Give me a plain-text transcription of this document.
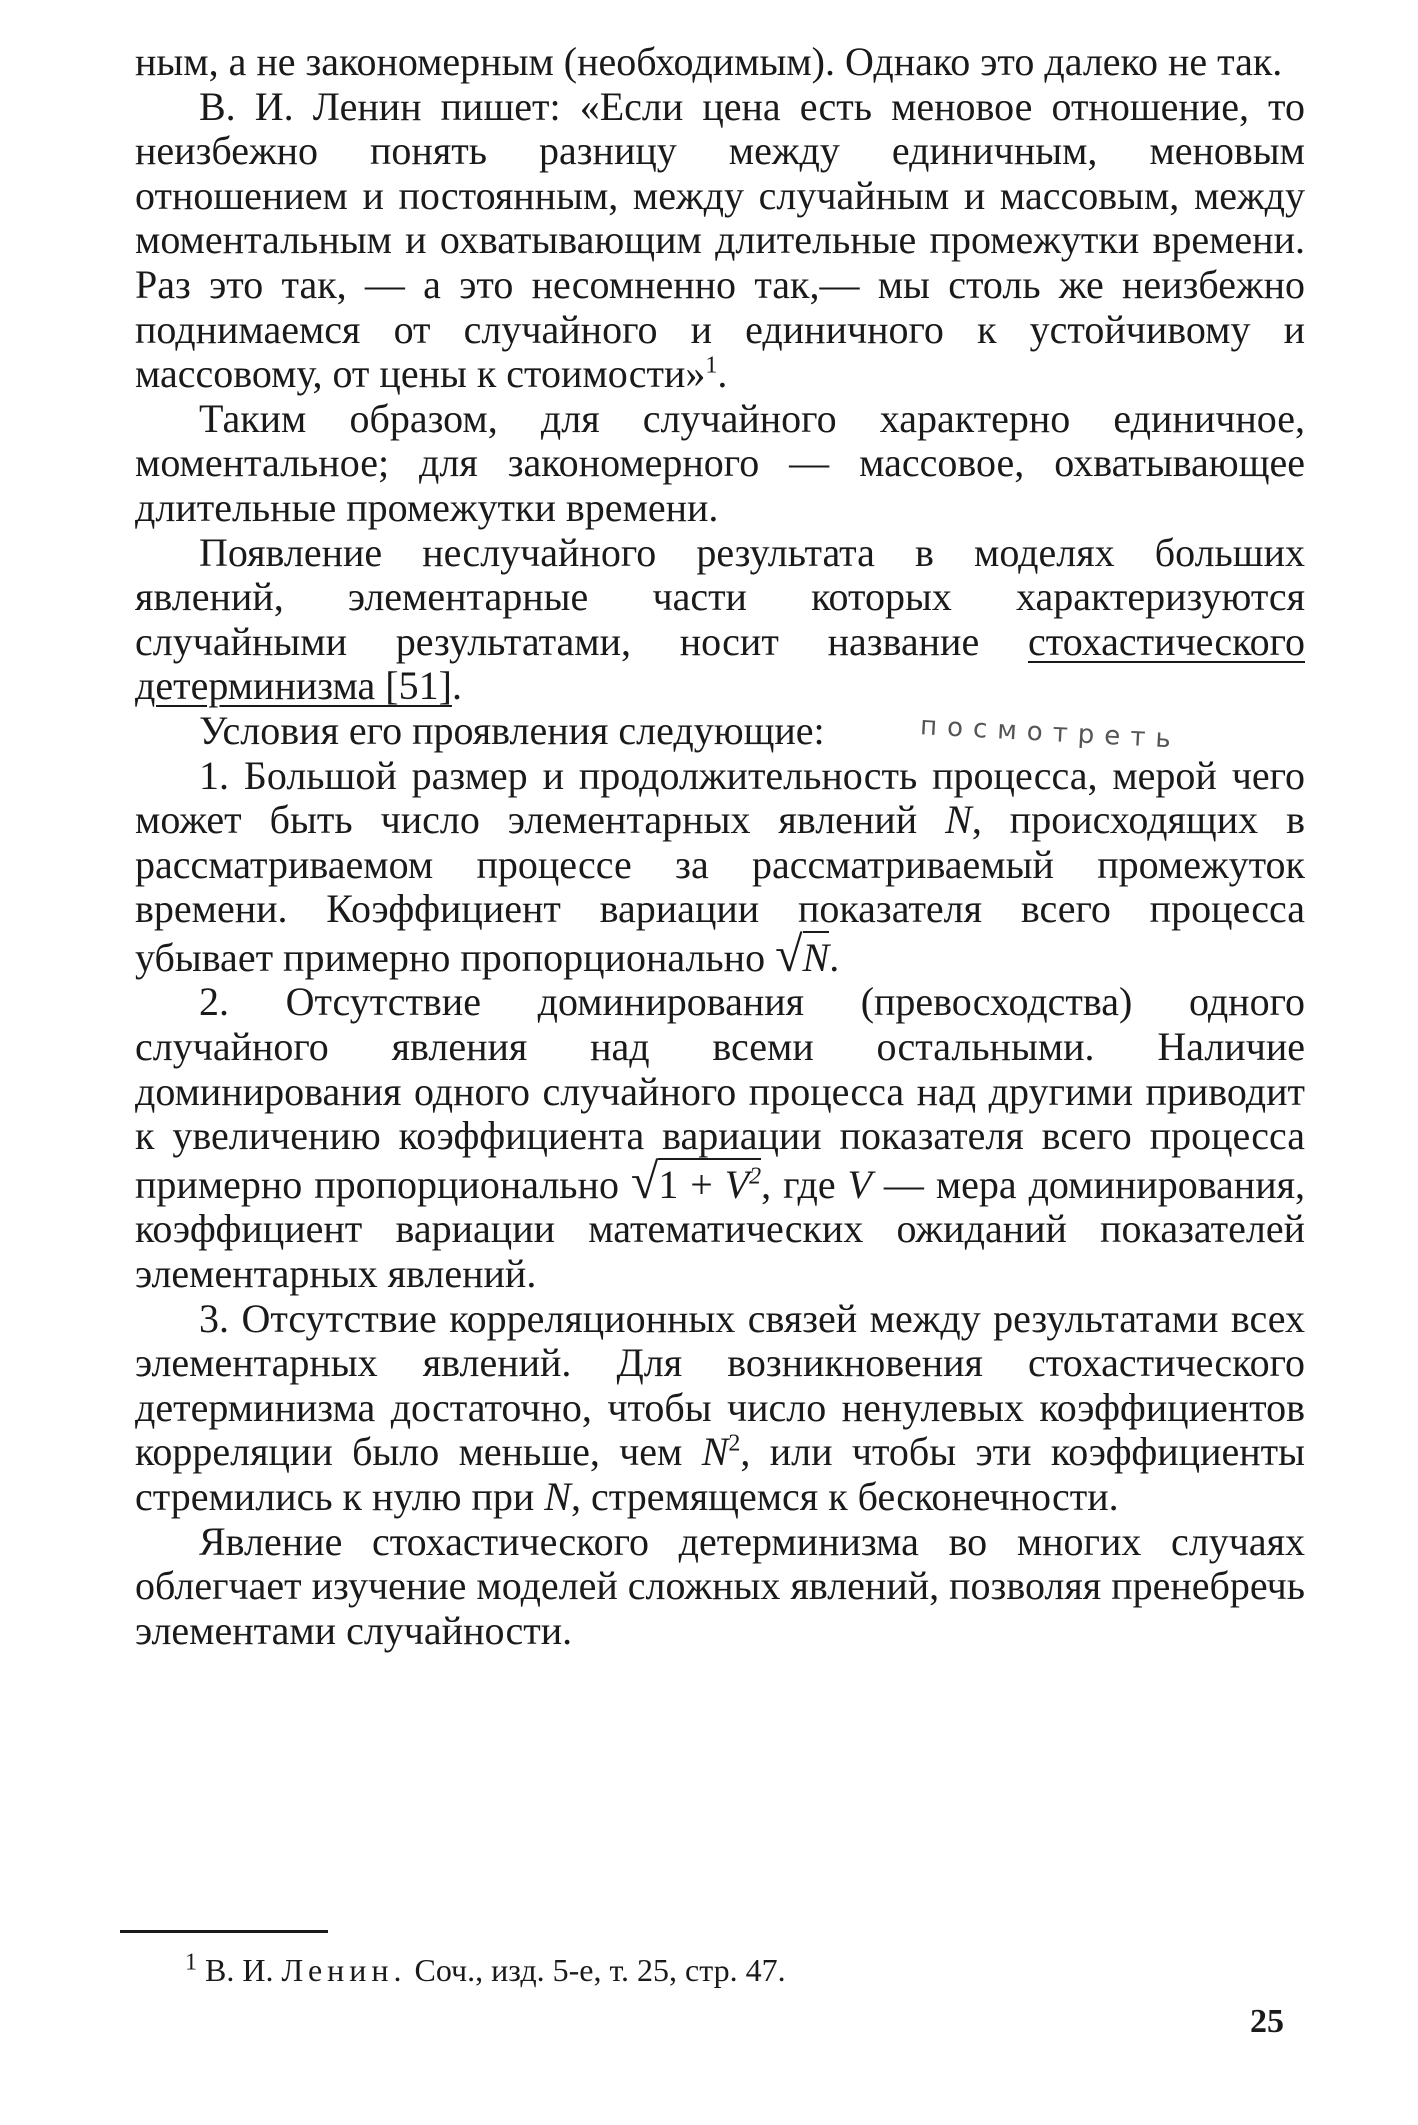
ным, а не закономерным (необходимым). Однако это далеко не так.

В. И. Ленин пишет: «Если цена есть меновое отношение, то неизбежно понять разницу между единичным, меновым отношением и постоянным, между случайным и массовым, между моментальным и охватывающим длительные промежутки времени. Раз это так, — а это несомненно так,— мы столь же неизбежно поднимаемся от случайного и единичного к устойчивому и массовому, от цены к стоимости»$^1$.

Таким образом, для случайного характерно единичное, моментальное; для закономерного — массовое, охватывающее длительные промежутки времени.

Появление неслучайного результата в моделях больших явлений, элементарные части которых характеризуются случайными результатами, носит название стохастического детерминизма [51].

Условия его проявления следующие:

1. Большой размер и продолжительность процесса, мерой чего может быть число элементарных явлений N, происходящих в рассматриваемом процессе за рассматриваемый промежуток времени. Коэффициент вариации показателя всего процесса убывает примерно пропорционально √N.

2. Отсутствие доминирования (превосходства) одного случайного явления над всеми остальными. Наличие доминирования одного случайного процесса над другими приводит к увеличению коэффициента вариации показателя всего процесса примерно пропорционально $√1 + V^2$, где V — мера доминирования, коэффициент вариации математических ожиданий показателей элементарных явлений.

3. Отсутствие корреляционных связей между результатами всех элементарных явлений. Для возникновения стохастического детерминизма достаточно, чтобы число ненулевых коэффициентов корреляции было меньше, чем $N^2$, или чтобы эти коэффициенты стремились к нулю при N, стремящемся к бесконечности.

Явление стохастического детерминизма во многих случаях облегчает изучение моделей сложных явлений, позволяя пренебречь элементами случайности.

посмотреть
$^1$ В. И. Ленин. Соч., изд. 5-е, т. 25, стр. 47.
25
